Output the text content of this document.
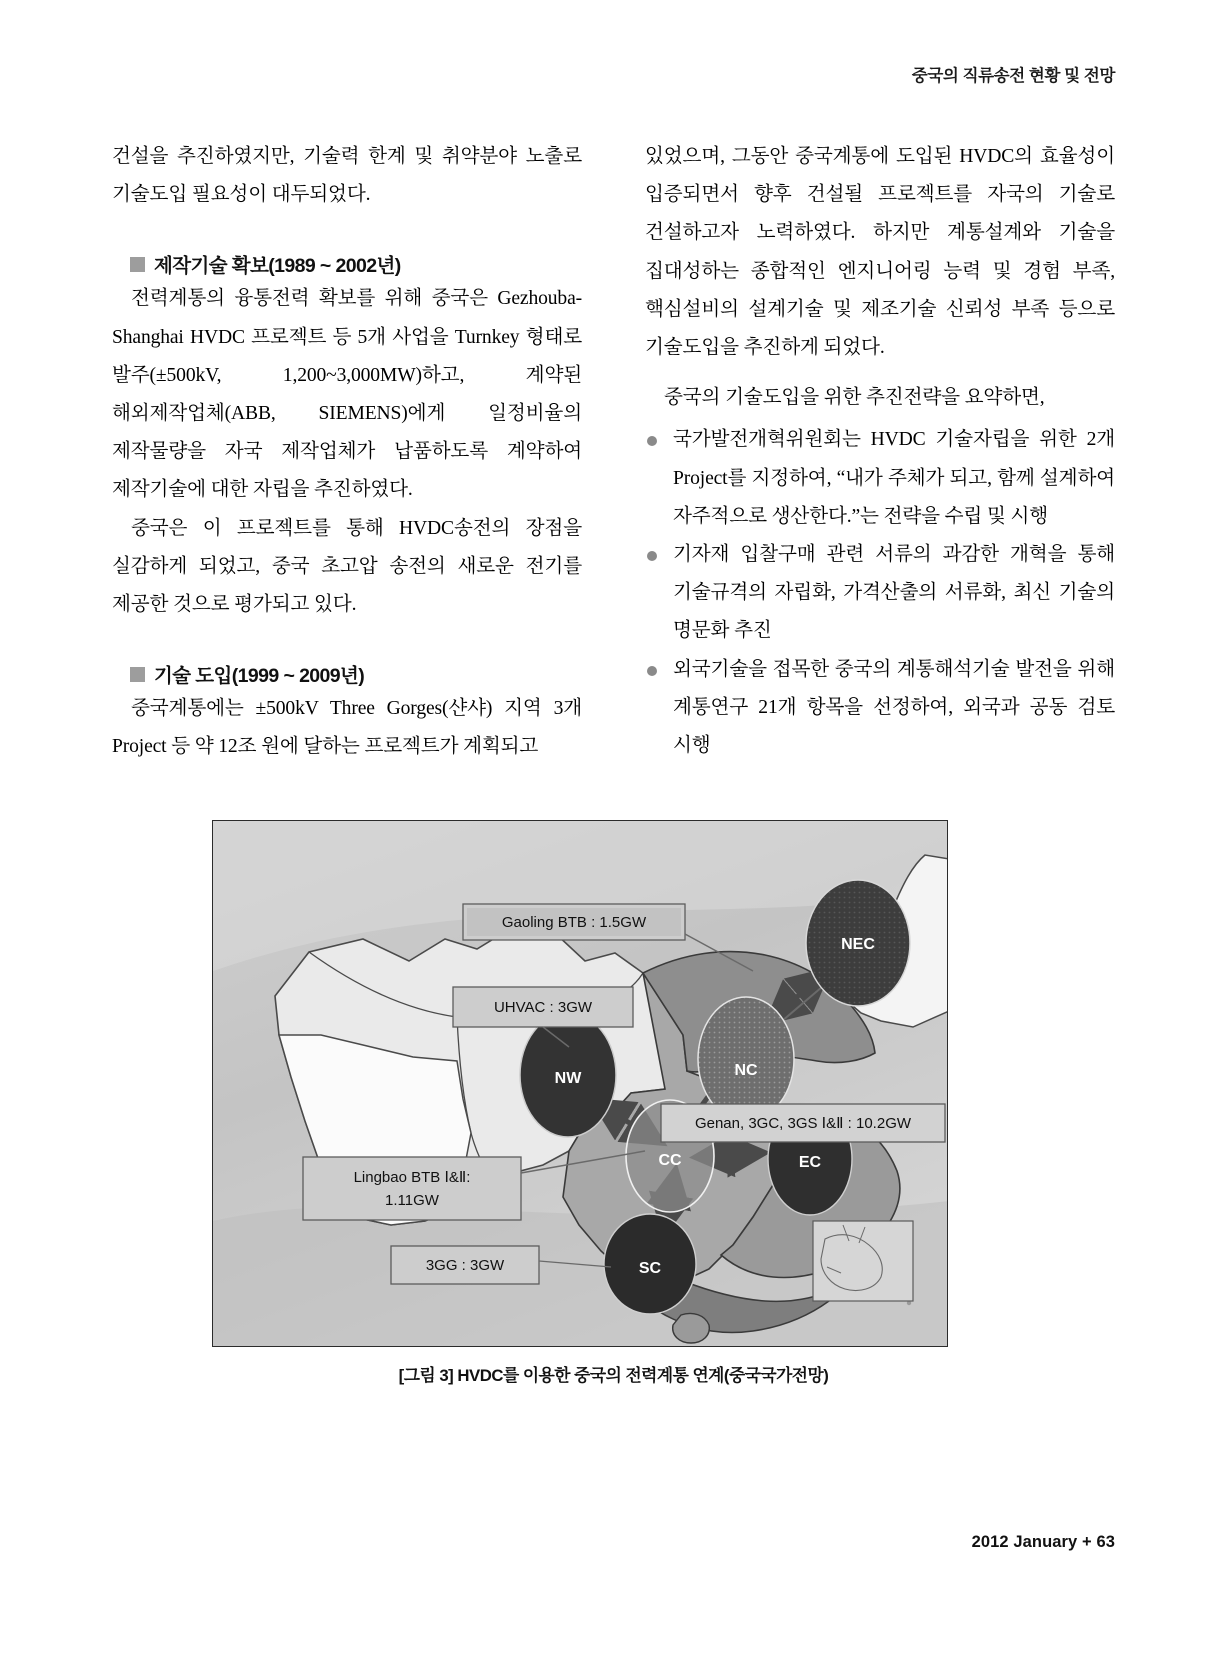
중국의 직류송전 현황 및 전망

건설을 추진하였지만, 기술력 한계 및 취약분야 노출로 기술도입 필요성이 대두되었다.

제작기술 확보(1989 ~ 2002년)

전력계통의 융통전력 확보를 위해 중국은 Gezhouba-Shanghai HVDC 프로젝트 등 5개 사업을 Turnkey 형태로 발주(±500kV, 1,200~3,000MW)하고, 계약된 해외제작업체(ABB, SIEMENS)에게 일정비율의 제작물량을 자국 제작업체가 납품하도록 계약하여 제작기술에 대한 자립을 추진하였다.

중국은 이 프로젝트를 통해 HVDC송전의 장점을 실감하게 되었고, 중국 초고압 송전의 새로운 전기를 제공한 것으로 평가되고 있다.

기술 도입(1999 ~ 2009년)

중국계통에는 ±500kV Three Gorges(샨샤) 지역 3개 Project 등 약 12조 원에 달하는 프로젝트가 계획되고

있었으며, 그동안 중국계통에 도입된 HVDC의 효율성이 입증되면서 향후 건설될 프로젝트를 자국의 기술로 건설하고자 노력하였다. 하지만 계통설계와 기술을 집대성하는 종합적인 엔지니어링 능력 및 경험 부족, 핵심설비의 설계기술 및 제조기술 신뢰성 부족 등으로 기술도입을 추진하게 되었다.

중국의 기술도입을 위한 추진전략을 요약하면,

국가발전개혁위원회는 HVDC 기술자립을 위한 2개 Project를 지정하여, “내가 주체가 되고, 함께 설계하여 자주적으로 생산한다.”는 전략을 수립 및 시행
기자재 입찰구매 관련 서류의 과감한 개혁을 통해 기술규격의 자립화, 가격산출의 서류화, 최신 기술의 명문화 추진
외국기술을 접목한 중국의 계통해석기술 발전을 위해 계통연구 21개 항목을 선정하여, 외국과 공동 검토 시행
NEC
NC
NW
CC	EC
SC
Gaoling BTB : 1.5GW
UHVAC : 3GW
Genan, 3GC, 3GS Ⅰ&Ⅱ : 10.2GW
Lingbao BTB Ⅰ&Ⅱ:
1.11GW
3GG : 3GW
[그림 3] HVDC를 이용한 중국의 전력계통 연계(중국국가전망)
2012 January + 63
